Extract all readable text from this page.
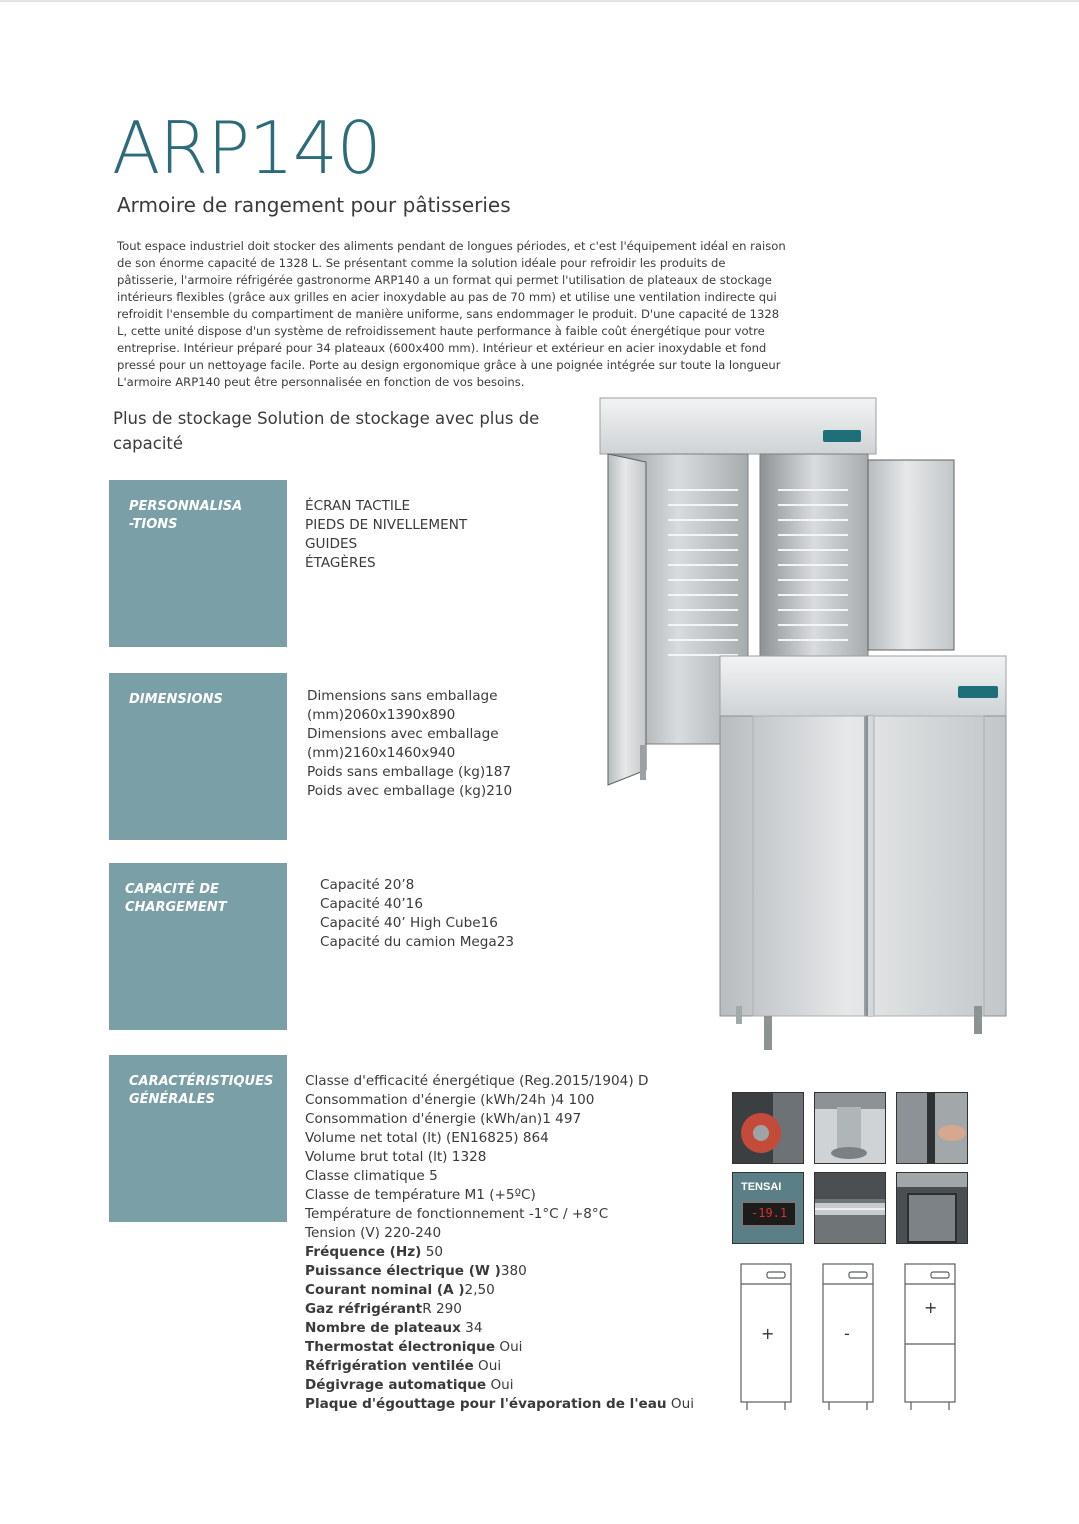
ARP140
Armoire de rangement pour pâtisseries

Tout espace industriel doit stocker des aliments pendant de longues périodes, et c'est l'équipement idéal en raison

de son énorme capacité de 1328 L. Se présentant comme la solution idéale pour refroidir les produits de

pâtisserie, l'armoire réfrigérée gastronorme ARP140 a un format qui permet l'utilisation de plateaux de stockage

intérieurs flexibles (grâce aux grilles en acier inoxydable au pas de 70 mm) et utilise une ventilation indirecte qui

refroidit l'ensemble du compartiment de manière uniforme, sans endommager le produit. D'une capacité de 1328

L, cette unité dispose d'un système de refroidissement haute performance à faible coût énergétique pour votre

entreprise. Intérieur préparé pour 34 plateaux (600x400 mm). Intérieur et extérieur en acier inoxydable et fond

pressé pour un nettoyage facile. Porte au design ergonomique grâce à une poignée intégrée sur toute la longueur

L'armoire ARP140 peut être personnalisée en fonction de vos besoins.

Plus de stockage Solution de stockage avec plus de capacité
PERSONNALISA
-TIONS
ÉCRAN TACTILE
PIEDS DE NIVELLEMENT
GUIDES
ÉTAGÈRES
DIMENSIONS	Dimensions sans emballage
(mm)2060x1390x890
Dimensions avec emballage
(mm)2160x1460x940
Poids sans emballage (kg)187
Poids avec emballage (kg)210
CAPACITÉ DE
CHARGEMENT
Capacité 20’8
Capacité 40’16
Capacité 40’ High Cube16
Capacité du camion Mega23
CARACTÉRISTIQUES
GÉNÉRALES
Classe d'efficacité énergétique (Reg.2015/1904) D
Consommation d'énergie (kWh/24h )4 100
Consommation d'énergie (kWh/an)1 497
Volume net total (lt) (EN16825) 864
Volume brut total (lt) 1328
Classe climatique 5
Classe de température M1 (+5ºC)
Température de fonctionnement -1°C / +8°C
Tension (V) 220-240
Fréquence (Hz) 50
Puissance électrique (W )380
Courant nominal (A )2,50
Gaz réfrigérantR 290
Nombre de plateaux 34
Thermostat électronique Oui
Réfrigération ventilée Oui
Dégivrage automatique Oui
Plaque d'égouttage pour l'évaporation de l'eau Oui
TENSAI
-19.1
+	-
+
